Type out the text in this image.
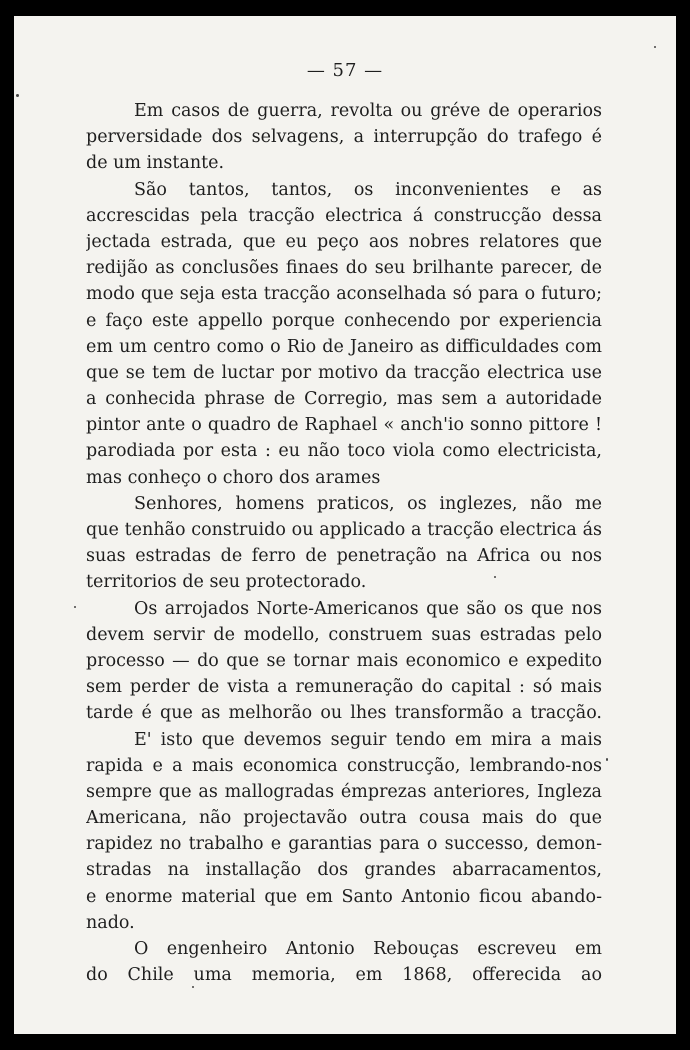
— 57 —
Em casos de guerra, revolta ou gréve de operarios
perversidade dos selvagens, a interrupção do trafego é
de um instante.
São tantos, tantos, os inconvenientes e as
accrescidas pela tracção electrica á construcção dessa
jectada estrada, que eu peço aos nobres relatores que
redijão as conclusões finaes do seu brilhante parecer, de
modo que seja esta tracção aconselhada só para o futuro;
e faço este appello porque conhecendo por experiencia
em um centro como o Rio de Janeiro as difficuldades com
que se tem de luctar por motivo da tracção electrica use
a conhecida phrase de Corregio, mas sem a autoridade
pintor ante o quadro de Raphael « anch'io sonno pittore !
parodiada por esta : eu não toco viola como electricista,
mas conheço o choro dos arames
Senhores, homens praticos, os inglezes, não me
que tenhão construido ou applicado a tracção electrica ás
suas estradas de ferro de penetração na Africa ou nos
territorios de seu protectorado.
Os arrojados Norte-Americanos que são os que nos
devem servir de modello, construem suas estradas pelo
processo — do que se tornar mais economico e expedito
sem perder de vista a remuneração do capital : só mais
tarde é que as melhorão ou lhes transformão a tracção.
E' isto que devemos seguir tendo em mira a mais
rapida e a mais economica construcção, lembrando-nos
sempre que as mallogradas émprezas anteriores, Ingleza
Americana, não projectavão outra cousa mais do que
rapidez no trabalho e garantias para o successo, demon-
stradas na installação dos grandes abarracamentos,
e enorme material que em Santo Antonio ficou abando-
nado.
O engenheiro Antonio Rebouças escreveu em
do Chile uma memoria, em 1868, offerecida ao
